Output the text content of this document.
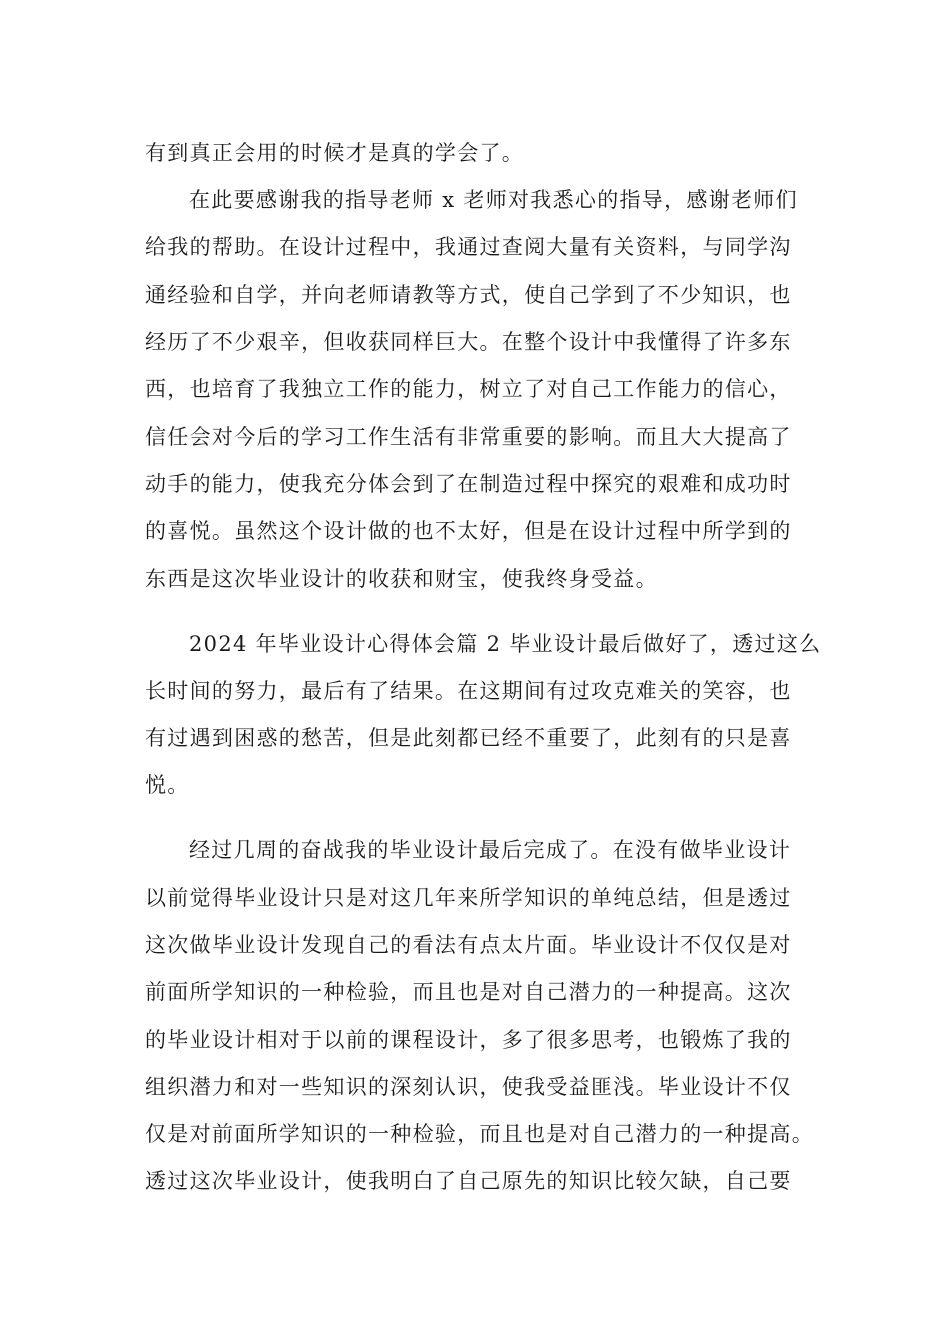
有到真正会用的时候才是真的学会了。
在此要感谢我的指导老师 x 老师对我悉心的指导，感谢老师们
给我的帮助。在设计过程中，我通过查阅大量有关资料，与同学沟
通经验和自学，并向老师请教等方式，使自己学到了不少知识，也
经历了不少艰辛，但收获同样巨大。在整个设计中我懂得了许多东
西，也培育了我独立工作的能力，树立了对自己工作能力的信心，
信任会对今后的学习工作生活有非常重要的影响。而且大大提高了
动手的能力，使我充分体会到了在制造过程中探究的艰难和成功时
的喜悦。虽然这个设计做的也不太好，但是在设计过程中所学到的
东西是这次毕业设计的收获和财宝，使我终身受益。
2024 年毕业设计心得体会篇 2 毕业设计最后做好了，透过这么
长时间的努力，最后有了结果。在这期间有过攻克难关的笑容，也
有过遇到困惑的愁苦，但是此刻都已经不重要了，此刻有的只是喜
悦。
经过几周的奋战我的毕业设计最后完成了。在没有做毕业设计
以前觉得毕业设计只是对这几年来所学知识的单纯总结，但是透过
这次做毕业设计发现自己的看法有点太片面。毕业设计不仅仅是对
前面所学知识的一种检验，而且也是对自己潜力的一种提高。这次
的毕业设计相对于以前的课程设计，多了很多思考，也锻炼了我的
组织潜力和对一些知识的深刻认识，使我受益匪浅。毕业设计不仅
仅是对前面所学知识的一种检验，而且也是对自己潜力的一种提高。
透过这次毕业设计，使我明白了自己原先的知识比较欠缺，自己要
